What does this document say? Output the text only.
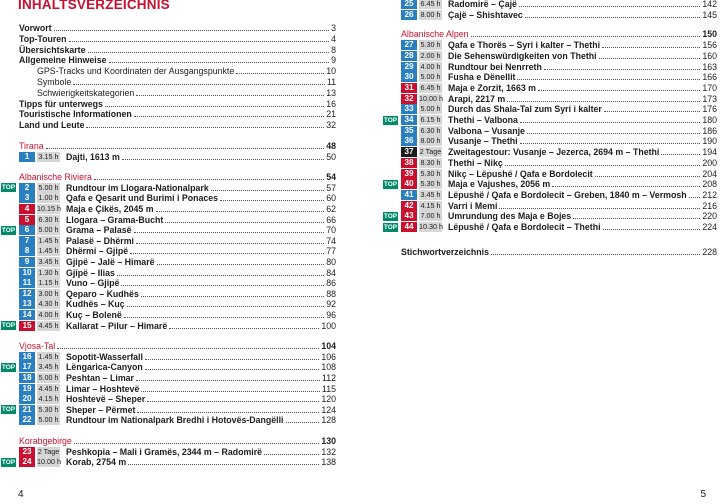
INHALTSVERZEICHNIS
Vorwort	3
Top-Touren	4
Übersichtskarte	8
Allgemeine Hinweise	9
GPS-Tracks und Koordinaten der Ausgangspunkte	10
Symbole	11
Schwierigkeitskategorien	13
Tipps für unterwegs	16
Touristische Informationen	21
Land und Leute	32
Tirana	48
1	3.15 h Dajti, 1613 m	50
Albanische Riviera	54
TOP	2	5.00 h Rundtour im Llogara-Nationalpark	57
3	1.00 h Qafa e Qesarit und Burimi i Ponaces	60
4	10.15 h Maja e Çikës, 2045 m	62
5	6.30 h Llogara – Grama-Bucht	66
TOP	6	5.00 h Grama – Palasë	70
7	1.45 h Palasë – Dhërmi	74
8	1.45 h Dhërmi – Gjipë	77
9	3.45 h Gjipë – Jalë – Himarë	80
10 1.30 h Gjipë – Ilias	84
11 1.15 h Vuno – Gjipë	86
12 3.00 h Qeparo – Kudhës	88
13 4.30 h Kudhës – Kuç	92
14 4.00 h Kuç – Bolenë	96
TOP 15 4.45 h Kallarat – Pilur – Himarë	100
Vjosa-Tal	104
16 1.45 h Sopotit-Wasserfall	106
TOP 17 3.45 h Lëngarica-Canyon	108
18 5.00 h Peshtan – Limar	112
19 4.45 h Limar – Hoshtevë	115
20 4.15 h Hoshtevë – Sheper	120
TOP 21 5.30 h Sheper – Përmet	124
22 5.00 h Rundtour im Nationalpark Bredhi i Hotovës-Dangëlli	128
Korabgebirge	130
23 2 Tage Peshkopia – Mali i Gramës, 2344 m – Radomirë	132
TOP 24 10.00 h Korab, 2754 m	138
4
25 6.45 h Radomirë – Çajë	142
26 8.00 h Çajë – Shishtavec	145
Albanische Alpen	150
27 5.30 h Qafa e Thorës – Syri i kalter – Thethi	156
28 2.00 h Die Sehenswürdigkeiten von Thethi	160
29 4.00 h Rundtour bei Nenrreth	163
30 5.00 h Fusha e Dënellit	166
31 6.45 h Maja e Zorzit, 1663 m	170
32 10.00 h Arapi, 2217 m	173
33 5.00 h Durch das Shala-Tal zum Syri i kalter	176
TOP 34 6.15 h Thethi – Valbona	180
35 6.30 h Valbona – Vusanje	186
36 8.00 h Vusanje – Thethi	190
37 2 Tage Zweitagestour: Vusanje – Jezerca, 2694 m – Thethi	194
38 8.30 h Thethi – Nikç	200
39 5.30 h Nikç – Lëpushë / Qafa e Bordolecit	204
TOP 40 5.30 h Maja e Vajushes, 2056 m	208
41 3.45 h Lëpushë / Qafa e Bordolecit – Greben, 1840 m – Vermosh 212
42 4.15 h Varri i Memi	216
TOP 43 7.00 h Umrundung des Maja e Bojes	220
TOP 44 10.30 h Lëpushë / Qafa e Bordolecit – Thethi	224
Stichwortverzeichnis	228
5
